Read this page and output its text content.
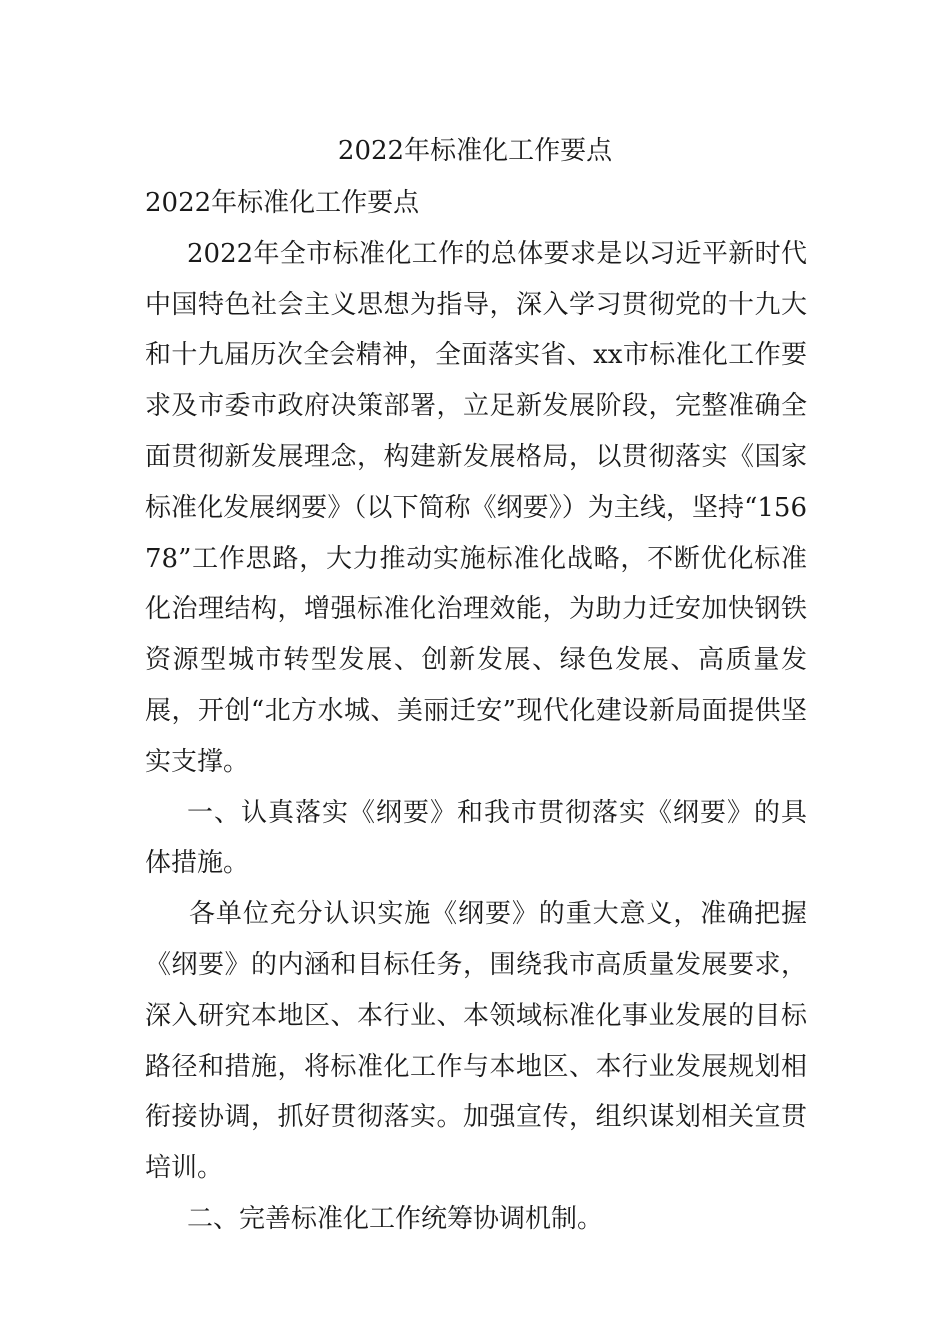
2022年标准化工作要点

2022年标准化工作要点

2022年全市标准化工作的总体要求是以习近平新时代中国特色社会主义思想为指导，深入学习贯彻党的十九大和十九届历次全会精神，全面落实省、xx市标准化工作要求及市委市政府决策部署，立足新发展阶段，完整准确全面贯彻新发展理念，构建新发展格局，以贯彻落实《国家标准化发展纲要》（以下简称《纲要》）为主线，坚持“15678”工作思路，大力推动实施标准化战略，不断优化标准化治理结构，增强标准化治理效能，为助力迁安加快钢铁资源型城市转型发展、创新发展、绿色发展、高质量发展，开创“北方水城、美丽迁安”现代化建设新局面提供坚实支撑。

一、认真落实《纲要》和我市贯彻落实《纲要》的具体措施。

各单位充分认识实施《纲要》的重大意义，准确把握《纲要》的内涵和目标任务，围绕我市高质量发展要求，深入研究本地区、本行业、本领域标准化事业发展的目标路径和措施，将标准化工作与本地区、本行业发展规划相衔接协调，抓好贯彻落实。加强宣传，组织谋划相关宣贯培训。

二、完善标准化工作统筹协调机制。
